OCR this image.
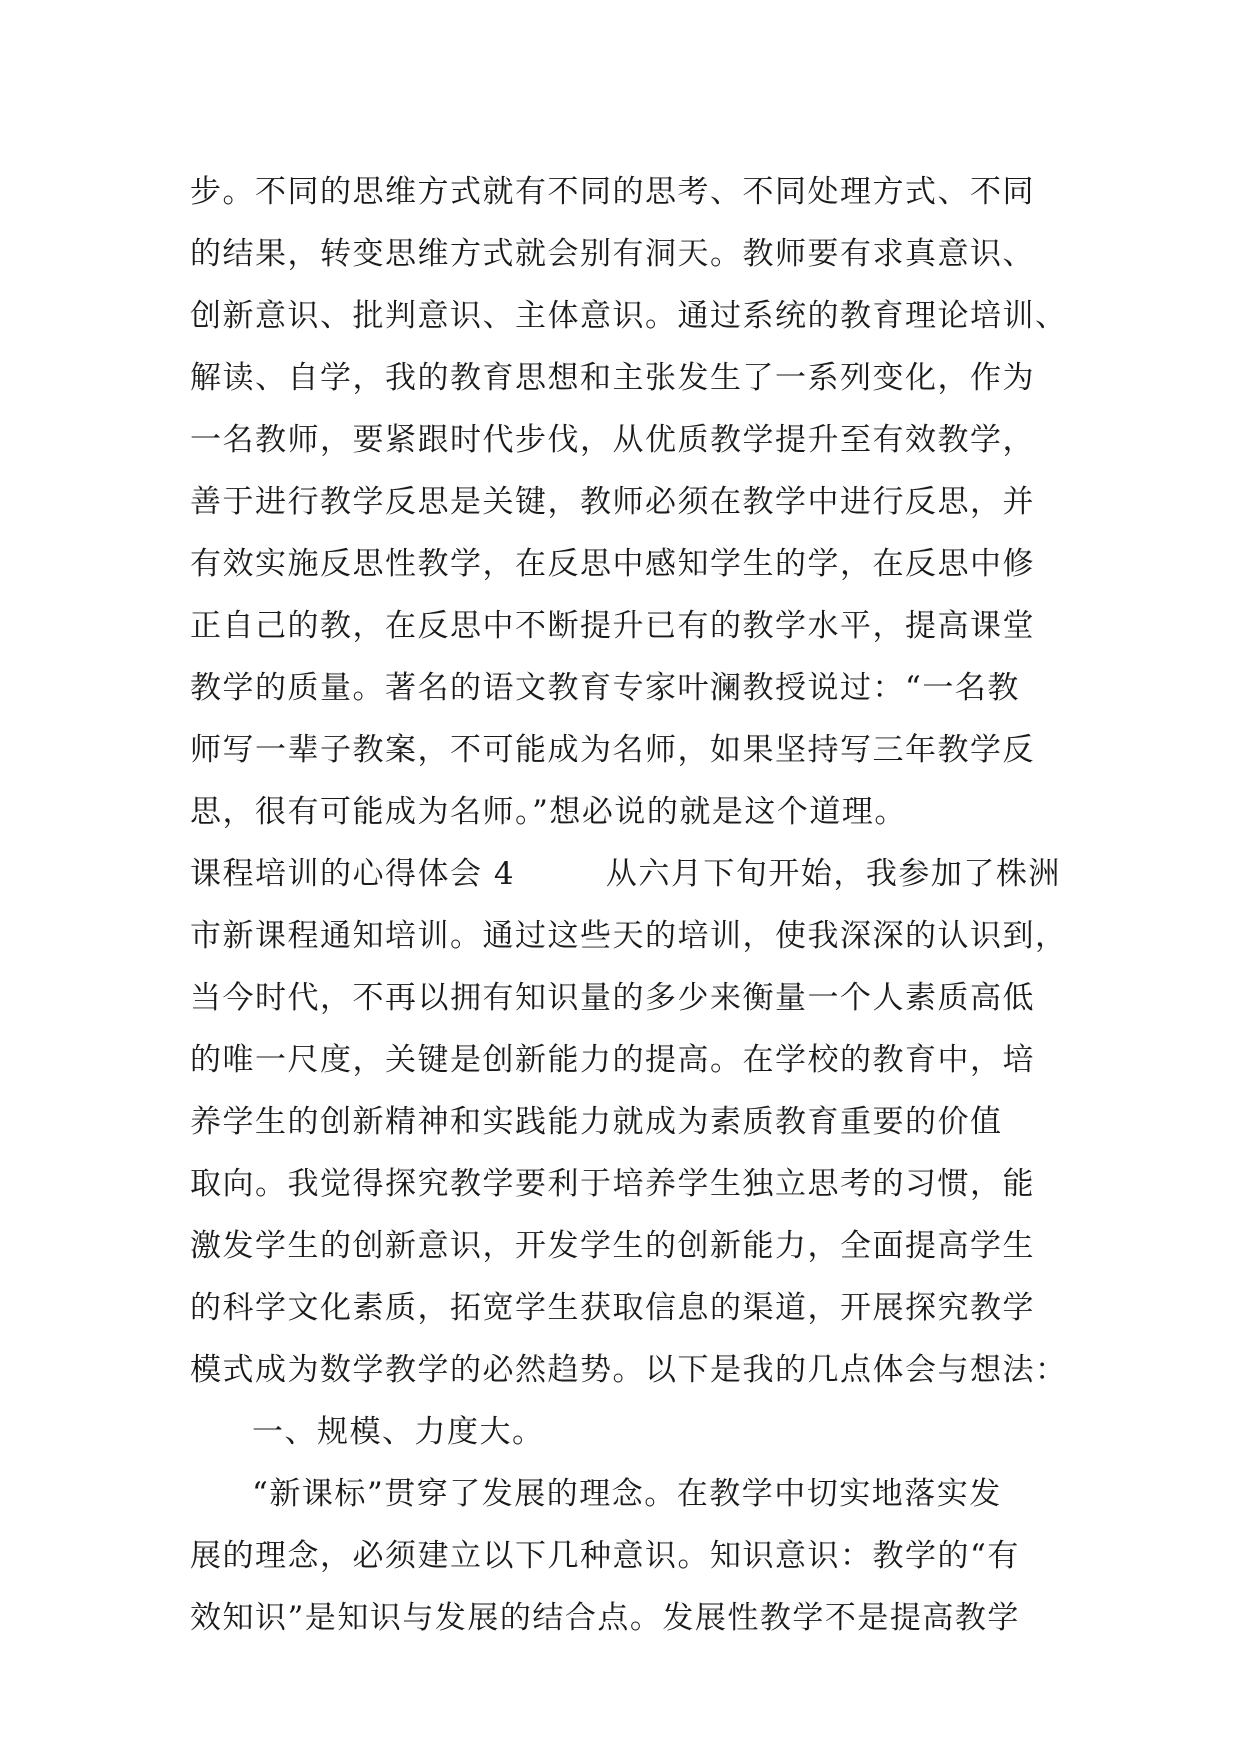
步。不同的思维方式就有不同的思考、不同处理方式、不同
的结果，转变思维方式就会别有洞天。教师要有求真意识、
创新意识、批判意识、主体意识。通过系统的教育理论培训、
解读、自学，我的教育思想和主张发生了一系列变化，作为
一名教师，要紧跟时代步伐，从优质教学提升至有效教学，
善于进行教学反思是关键，教师必须在教学中进行反思，并
有效实施反思性教学，在反思中感知学生的学，在反思中修
正自己的教，在反思中不断提升已有的教学水平，提高课堂
教学的质量。著名的语文教育专家叶澜教授说过：“一名教
师写一辈子教案，不可能成为名师，如果坚持写三年教学反
思，很有可能成为名师。”想必说的就是这个道理。
课程培训的心得体会 4        从六月下旬开始，我参加了株洲
市新课程通知培训。通过这些天的培训，使我深深的认识到，
当今时代，不再以拥有知识量的多少来衡量一个人素质高低
的唯一尺度，关键是创新能力的提高。在学校的教育中，培
养学生的创新精神和实践能力就成为素质教育重要的价值
取向。我觉得探究教学要利于培养学生独立思考的习惯，能
激发学生的创新意识，开发学生的创新能力，全面提高学生
的科学文化素质，拓宽学生获取信息的渠道，开展探究教学
模式成为数学教学的必然趋势。以下是我的几点体会与想法：
一、规模、力度大。
“新课标”贯穿了发展的理念。在教学中切实地落实发
展的理念，必须建立以下几种意识。知识意识：教学的“有
效知识”是知识与发展的结合点。发展性教学不是提高教学
